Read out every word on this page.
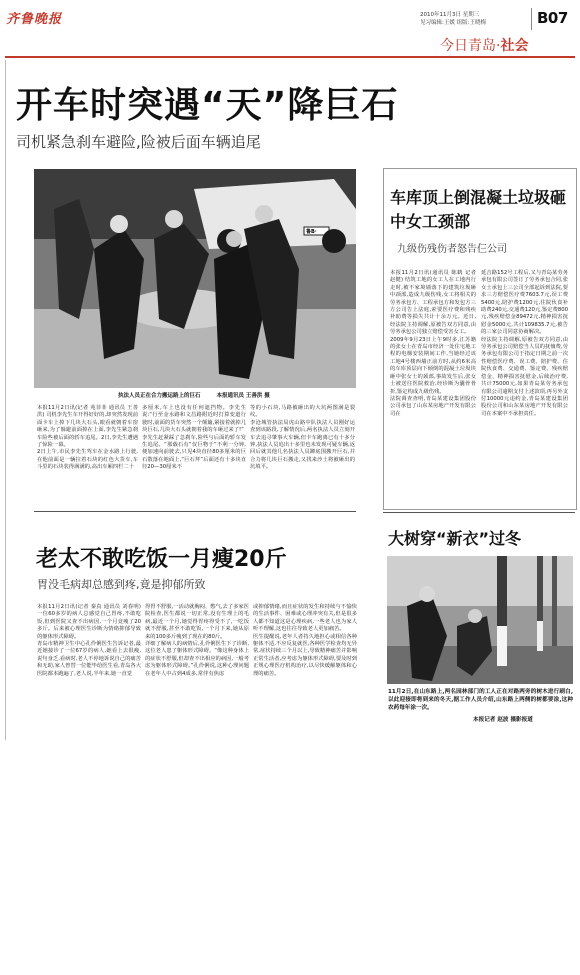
齐鲁晚报	2010年11月3日 星期三
见习编辑:王媛 组版:王晓梅	B07
今日青岛·社会
开车时突遇“天”降巨石
司机紧急刹车避险,险被后面车辆追尾
鲁B·
执法人员正在合力搬运路上的巨石	本报通讯员 王善洪 摄
本报11月2日讯(记者 苑菲菲 通讯员 王善洪) 司机李先生车开得好好的,却突然发现前面卡车上掉下几块大石头,眼看就朝着车窗砸来,为了躲避前面掉在上面,李先生紧急刹车险些被后面的轿车追尾。2日,李先生遭遇了惊险一幕。
2日上午,市民李先生驾车在金水路上行驶,在他前面是一辆拉着石块的红色大货车,车斗里的石块装得满满的,高出车厢四栏二十
多厘米,车上也没有任何遮挡物。李先生说:“行至金水路和文昌路附近时打算变道行驶时,前面的货车突然一个颠簸,紧接着就掉几块巨石,几块大石头就朝着我的车砸过来了!”
李先生赶紧踩了急刹车,险些与后面的轿车发生追尾。“那载石有“仅巨物于”不利一分钟,便加速向前驶去,只见4块直径80多厘米的巨石散落在地面上,“巨石拜”后面还有十多块直径20—30厘米不
等的小石块,马路被砸出的大坑两图满是裂纹。
李沧城管执法局虎山路中队执法人员刚好运查到该路段,了解情况后,两名执法人员立刻开车去追寻肇事大车辆,但卡车跑离已有十多分钟,执法人员追出十多里也未发现可疑车辆,返回后就其他几名执法人员蹲底围搬开巨石,并合力将几块巨石搬走,又找来沙土将被砸出的坑填平。
车库顶上倒混凝土垃圾砸中女工颈部
九级伤残伤者怒告仨公司
本报11月2日讯(通讯员 陈鹤 记者 赵健) 结筑工地的女工人在工地内行走时,被不家境墙落下的建筑垃圾砸中颈部,造成九级伤残,女工将相关的劳务承包方、工程承包方和发包方三方公司告上法庭,索要医疗费和残疾补助费等损失共计十余万元。近日,经法院主持调解,原被告双方同意,由劳务承包公司独立赔偿受害女工。
2009年9月23日上午9时多,江苏籍的张女士在青岛市经济一处住宅地工程的电梯安装期间工作,当她经过该工地4号楼西墙正前方时,从约6米高的车库顶层向下倾倒的混凝土垃圾块砸中张女士的颈部,事故发生后,张女士被送往医院救治,经诊断为囊骨骨折,鉴定构成九级伤残。
法院调查查明,青岛某建设集团股份公司承包了山东某房地产开发有限公司在
延吉路152号工程后,又与青岛某劳务承包有限公司签订了劳务承包合同,张女士承包上三公司全部起诉到法院,要求三方赔偿医疗费7603.7元,误工费5400元,陪护费1200元,住院伙食补助费240元,交通费120元,鉴定费800元,残疾赔偿金89472元,精神损害抚慰金5000元,共计109835.7元,被告的三家公司同意协商解决。
经法院主持调解,原被告双方同意,由劳务承包公司赔偿当人员的抚恤费,劳务承包有限公司于指定日期之前一次性赔偿医疗费、误工费、陪护费、住院伙食费、交通费、鉴定费、残疾赔偿金、精神损害抚慰金,后续治疗费,共计75000元,如果青岛某劳务承包有限公司逾期支付上述款项,再另外支付10000元违约金,青岛某建设集团股份公司和山东某房地产开发有限公司在本案中不承担责任。
老太不敢吃饭一月瘦20斤
胃没毛病却总感到疼,竟是抑郁所致
本报11月2日讯(记者 秦真 通讯员 刘春明) 一位60多岁的病人总感觉自己胃疼,不敢吃饭,但到医院又查不出病因,一个月竟瘦了20多斤。后来被心理医生诊断为情绪抑郁导致的躯体形式障碍。
青岛市精神卫生中心孔伶俐医生告诉记者,最近她接诊了一位67岁的病人,她看上去很瘦,说句身乏,看病时,老人不停地诉说自己的痛苦和无助,家人曾替一位能毕给医生看,青岛各大医院都本跑遍了,老人说,半年来,她一直觉
得胃不舒服,一活动就胸闷、憋气,去了多家医院检查,医生都说一切正常,没有生理上的毛病,最近一个月,她觉得胃疼得受不了,一吃饭就不舒服,甚至不敢吃饭,一个月下来,她从原来的100多斤瘦到了现在的80斤。
详细了解病人的病情后,孔伶俐医生下了诊断,这位老人患了躯体形式障碍。“像这种身体上的症状不舒服,但却查不出相应的病因,一般考虑为躯体形式障碍。”孔伶俐说,这种心理问题在老年人中占到4成多,常伴有焦虑
或抑郁情绪,而且症状的发生和持续与不愉快的生活事件、困难或心理冲突有关,但是很多人都不知道这是心理疾病,一些老人也为家人听不理解,这也往往导致老人更加痛苦。
医生提醒说,老年人者持久地担心或相信各种躯体不适,不应反复就医,各种医学检查均无异常,症状持续三个月以上,导致精神痛苦并影响正常生活者,应考虑为躯体形式障碍,要及时到正规心理医疗机构治疗,以尽快缓解躯体和心理的痛苦。
大树穿“新衣”过冬
11月2日,在山东路上,两名园林部门的工人正在对路两旁的树木进行刷白,以此迎接即将到来的冬天,据工作人员介绍,山东路上两侧的树都要涂,这种农药每年涂一次。
本报记者 赵波 摄影报道
